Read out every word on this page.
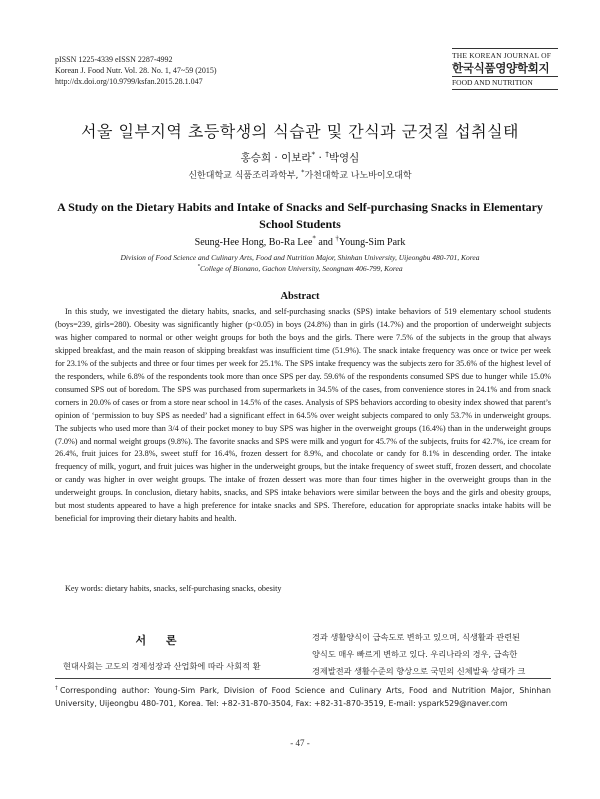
pISSN 1225-4339 eISSN 2287-4992
Korean J. Food Nutr. Vol. 28. No. 1, 47~59 (2015)
http://dx.doi.org/10.9799/ksfan.2015.28.1.047
THE KOREAN JOURNAL OF
한국식품영양학회지
FOOD AND NUTRITION
서울 일부지역 초등학생의 식습관 및 간식과 군것질 섭취실태
홍승희 · 이보라* · †박영심
신한대학교 식품조리과학부, *가천대학교 나노바이오대학
A Study on the Dietary Habits and Intake of Snacks and Self-purchasing Snacks in Elementary School Students
Seung-Hee Hong, Bo-Ra Lee* and †Young-Sim Park
Division of Food Science and Culinary Arts, Food and Nutrition Major, Shinhan University, Uijeongbu 480-701, Korea
*College of Bionano, Gachon University, Seongnam 406-799, Korea
Abstract
In this study, we investigated the dietary habits, snacks, and self-purchasing snacks (SPS) intake behaviors of 519 elementary school students (boys=239, girls=280). Obesity was significantly higher (p<0.05) in boys (24.8%) than in girls (14.7%) and the proportion of underweight subjects was higher compared to normal or other weight groups for both the boys and the girls. There were 7.5% of the subjects in the group that always skipped breakfast, and the main reason of skipping breakfast was insufficient time (51.9%). The snack intake frequency was once or twice per week for 23.1% of the subjects and three or four times per week for 25.1%. The SPS intake frequency was the subjects zero for 35.6% of the highest level of the responders, while 6.8% of the respondents took more than once SPS per day. 59.6% of the respondents consumed SPS due to hunger while 15.0% consumed SPS out of boredom. The SPS was purchased from supermarkets in 34.5% of the cases, from convenience stores in 24.1% and from snack corners in 20.0% of cases or from a store near school in 14.5% of the cases. Analysis of SPS behaviors according to obesity index showed that parent’s opinion of ‘permission to buy SPS as needed’ had a significant effect in 64.5% over weight subjects compared to only 53.7% in underweight groups. The subjects who used more than 3/4 of their pocket money to buy SPS was higher in the overweight groups (16.4%) than in the underweight groups (7.0%) and normal weight groups (9.8%). The favorite snacks and SPS were milk and yogurt for 45.7% of the subjects, fruits for 42.7%, ice cream for 26.4%, fruit juices for 23.8%, sweet stuff for 16.4%, frozen dessert for 8.9%, and chocolate or candy for 8.1% in descending order. The intake frequency of milk, yogurt, and fruit juices was higher in the underweight groups, but the intake frequency of sweet stuff, frozen dessert, and chocolate or candy was higher in over weight groups. The intake of frozen dessert was more than four times higher in the overweight groups than in the underweight groups. In conclusion, dietary habits, snacks, and SPS intake behaviors were similar between the boys and the girls and obesity groups, but most students appeared to have a high preference for intake snacks and SPS. Therefore, education for appropriate snacks intake habits will be beneficial for improving their dietary habits and health.
Key words: dietary habits, snacks, self-purchasing snacks, obesity
서 론
현대사회는 고도의 경제성장과 산업화에 따라 사회적 환
경과 생활양식이 급속도로 변하고 있으며, 식생활과 관련된
양식도 매우 빠르게 변하고 있다. 우리나라의 경우, 급속한
경제발전과 생활수준의 향상으로 국민의 신체발육 상태가 크
†Corresponding author: Young-Sim Park, Division of Food Science and Culinary Arts, Food and Nutrition Major, Shinhan University, Uijeongbu 480-701, Korea. Tel: +82-31-870-3504, Fax: +82-31-870-3519, E-mail: yspark529@naver.com
- 47 -
